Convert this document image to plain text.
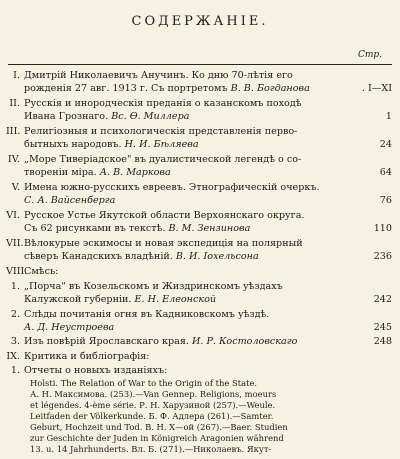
СОДЕРЖАНІЕ.
Стр.
I. Дмитрій Николаевичъ Анучинъ. Ко дню 70-лѣтія его
рожденія 27 авг. 1913 г. Съ портретомъ В. В. Богданова	. I—XI
II. Русскія и инородческія преданія о казанскомъ походѣ
Ивана Грознаго. Вс. Ѳ. Миллера	1
III. Религіозныя и психологическія представленія перво-
бытныхъ народовъ. Н. И. Бѣляева	24
IV. „Море Тиверіадское" въ дуалистической легендѣ о со-
твореніи міра. А. В. Маркова	64
V. Имена южно-русскихъ евреевъ. Этнографическій очеркъ.
С. А. Вайсенберга	76
VI. Русское Устье Якутской области Верхоянскаго округа.
Съ 62 рисунками въ текстѣ. В. М. Зензинова	110
VII. Вѣлокурые эскимосы и новая экспедиція на полярный
сѣверъ Канадскихъ владѣній. В. И. Іохельсона	236
VIII.
Смѣсь:
1. „Порча" въ Козельскомъ и Жиздринскомъ уѣздахъ
Калужской губерніи. Е. Н. Елеонской	242
2. Слѣды почитанія огня въ Кадниковскомъ уѣздѣ.
А. Д. Неустроева	245
3. Изъ повѣрій Ярославскаго края. И. Р. Костоловскаго	248
IX. Критика и библіографія:
1. Отчеты о новыхъ изданіяхъ:
Holsti. The Relation of War to the Origin of the State.
А. Н. Максимова. (253).—Van Gennep. Religions, moeurs
et légendes. 4-ème série. Р. Н. Харузиной (257).—Weule.
Leitfaden der Völkerkunde. Б. Ф. Адлера (261).—Samter.
Geburt, Hochzeit und Tod. В. Н. Х—ой (267).—Baer. Studien
zur Geschichte der Juden in Königreich Aragonien während
13. u. 14 Jahrhunderts. Вл. Б. (271).—Николаевъ. Якут-
